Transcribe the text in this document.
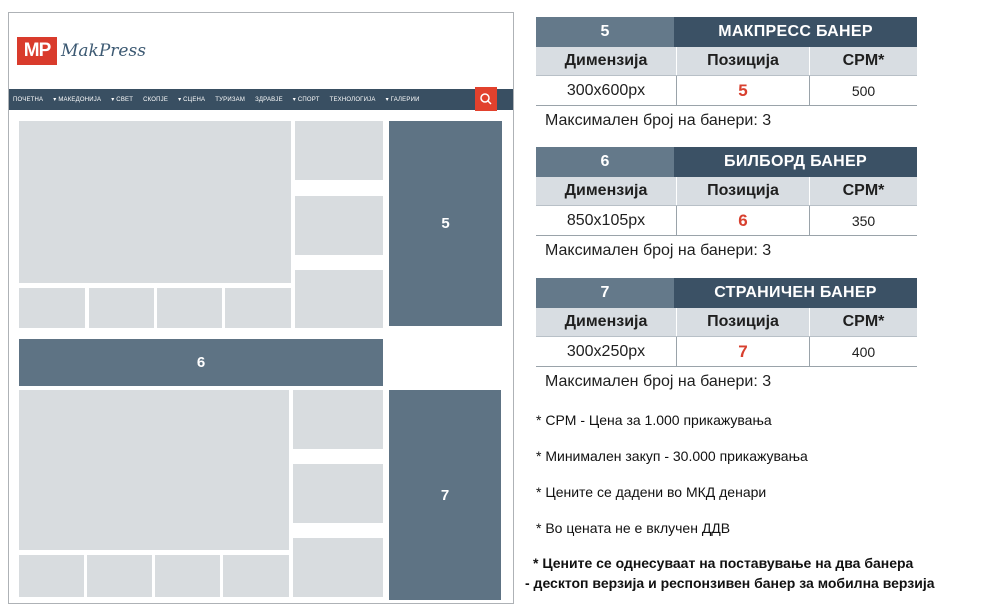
MP MakPress
ПОЧЕТНА ▾ МАКЕДОНИЈА ▾ СВЕТ СКОПЈЕ ▾ СЦЕНА ТУРИЗАМ ЗДРАВЈЕ ▾ СПОРТ ТЕХНОЛОГИЈА ▾ ГАЛЕРИИ
5
6
7
5	МАКПРЕСС БАНЕР
Димензија	Позиција	CPM*
300x600px	5	500
Максимален број на банери: 3
6	БИЛБОРД БАНЕР
Димензија	Позиција	CPM*
850x105px	6	350
Максимален број на банери: 3
7	СТРАНИЧЕН БАНЕР
Димензија	Позиција	CPM*
300x250px	7	400
Максимален број на банери: 3
* CPM - Цена за 1.000 прикажувања
* Минимален закуп - 30.000 прикажувања
* Цените се дадени во МКД денари
* Во цената не е вклучен ДДВ
* Цените се однесуваат на поставување на два банера
- десктоп верзија и респонзивен банер за мобилна верзија
